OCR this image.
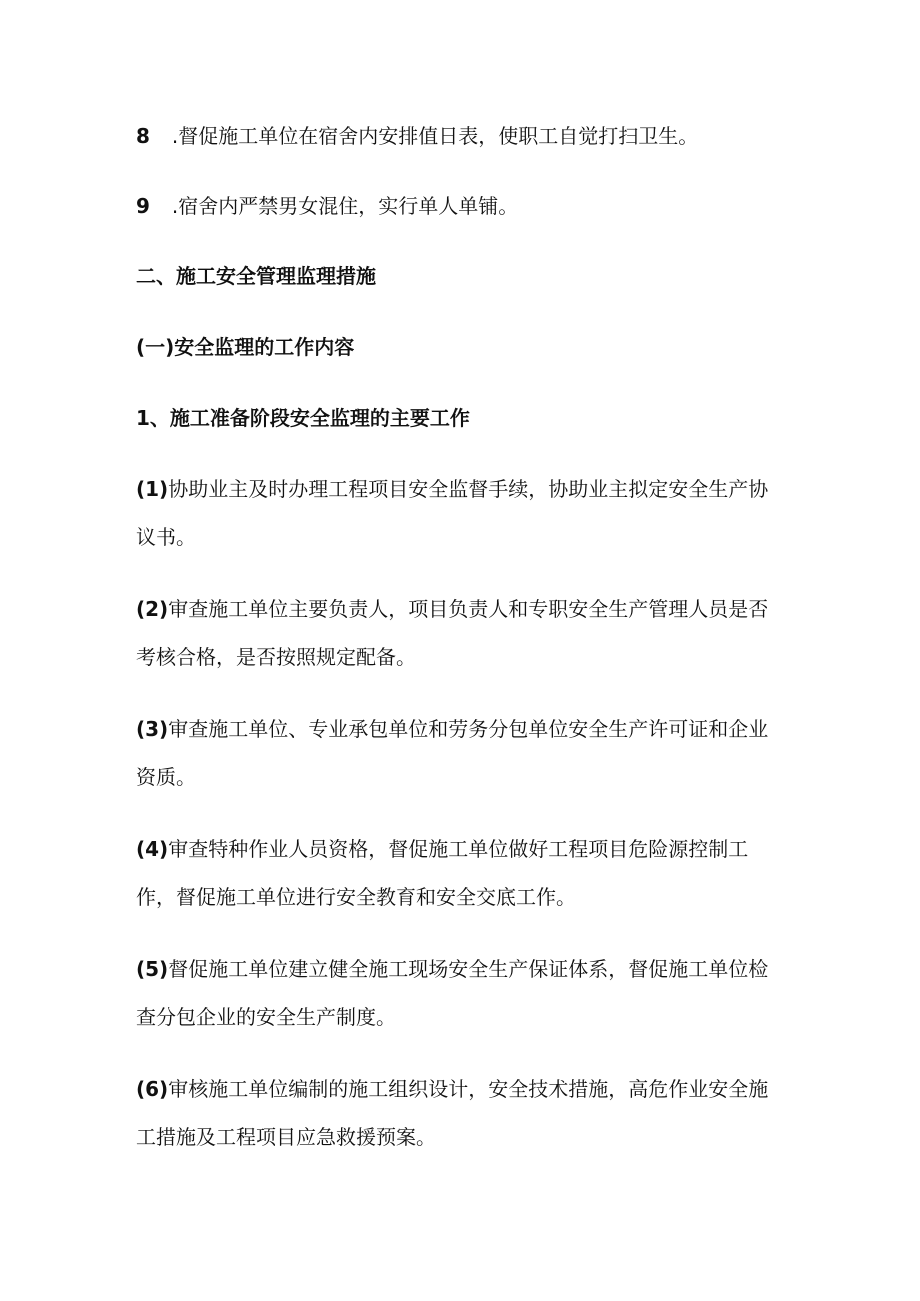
8 .督促施工单位在宿舍内安排值日表，使职工自觉打扫卫生。
9 .宿舍内严禁男女混住，实行单人单铺。
二、施工安全管理监理措施
(一)安全监理的工作内容
1、施工准备阶段安全监理的主要工作
(1)协助业主及时办理工程项目安全监督手续，协助业主拟定安全生产协
议书。
(2)审查施工单位主要负责人，项目负责人和专职安全生产管理人员是否
考核合格，是否按照规定配备。
(3)审查施工单位、专业承包单位和劳务分包单位安全生产许可证和企业
资质。
(4)审查特种作业人员资格，督促施工单位做好工程项目危险源控制工
作，督促施工单位进行安全教育和安全交底工作。
(5)督促施工单位建立健全施工现场安全生产保证体系，督促施工单位检
查分包企业的安全生产制度。
(6)审核施工单位编制的施工组织设计，安全技术措施，高危作业安全施
工措施及工程项目应急救援预案。
